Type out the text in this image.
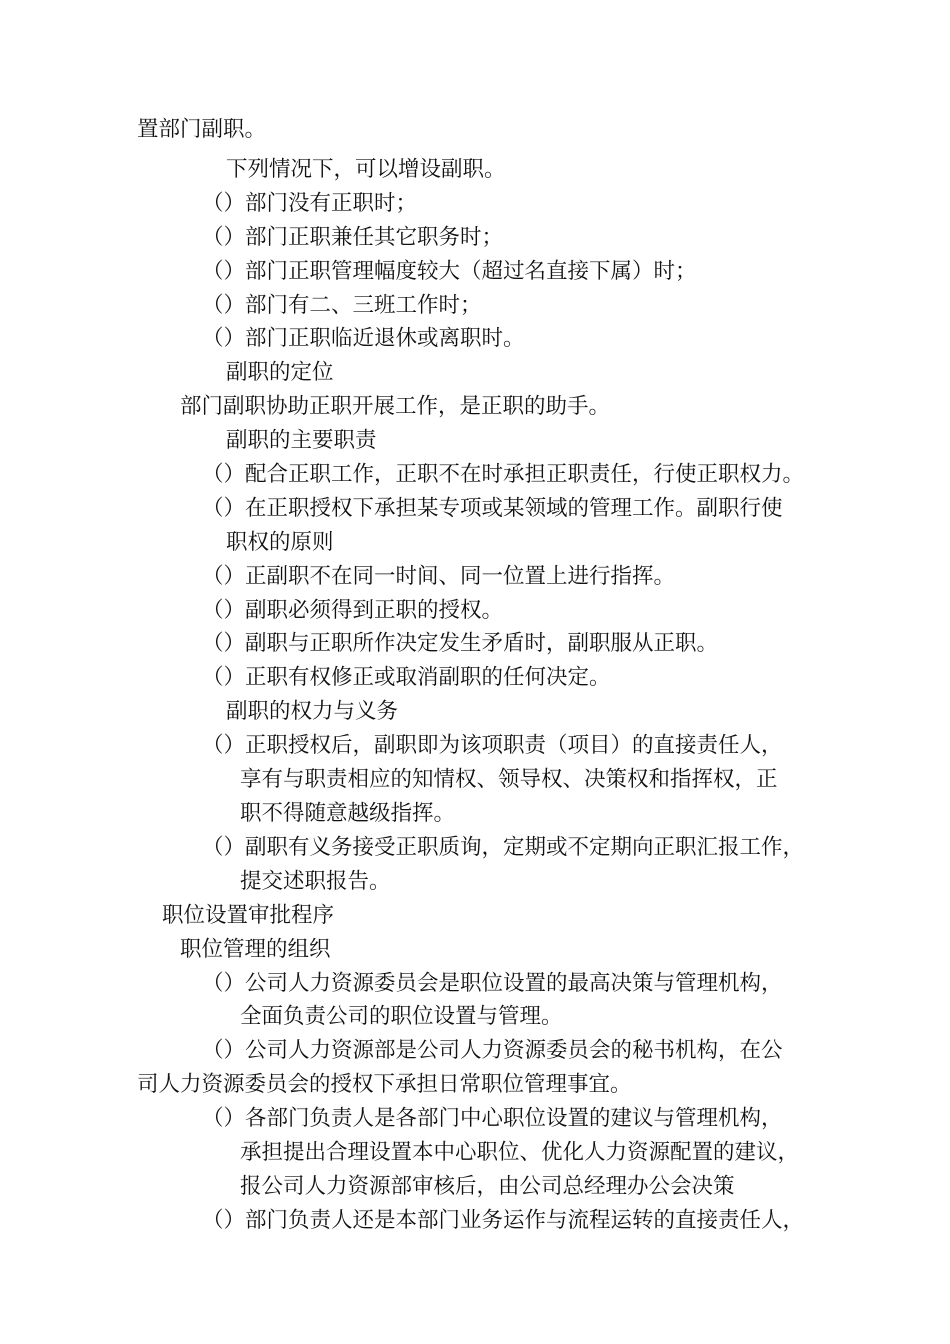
置部门副职。
下列情况下，可以增设副职。
（）部门没有正职时；
（）部门正职兼任其它职务时；
（）部门正职管理幅度较大（超过名直接下属）时；
（）部门有二、三班工作时；
（）部门正职临近退休或离职时。
副职的定位
部门副职协助正职开展工作，是正职的助手。
副职的主要职责
（）配合正职工作，正职不在时承担正职责任，行使正职权力。
（）在正职授权下承担某专项或某领域的管理工作。副职行使
职权的原则
（）正副职不在同一时间、同一位置上进行指挥。
（）副职必须得到正职的授权。
（）副职与正职所作决定发生矛盾时，副职服从正职。
（）正职有权修正或取消副职的任何决定。
副职的权力与义务
（）正职授权后，副职即为该项职责（项目）的直接责任人，
享有与职责相应的知情权、领导权、决策权和指挥权，正
职不得随意越级指挥。
（）副职有义务接受正职质询，定期或不定期向正职汇报工作，
提交述职报告。
职位设置审批程序
职位管理的组织
（）公司人力资源委员会是职位设置的最高决策与管理机构，
全面负责公司的职位设置与管理。
（）公司人力资源部是公司人力资源委员会的秘书机构，在公
司人力资源委员会的授权下承担日常职位管理事宜。
（）各部门负责人是各部门中心职位设置的建议与管理机构，
承担提出合理设置本中心职位、优化人力资源配置的建议，
报公司人力资源部审核后，由公司总经理办公会决策
（）部门负责人还是本部门业务运作与流程运转的直接责任人，
